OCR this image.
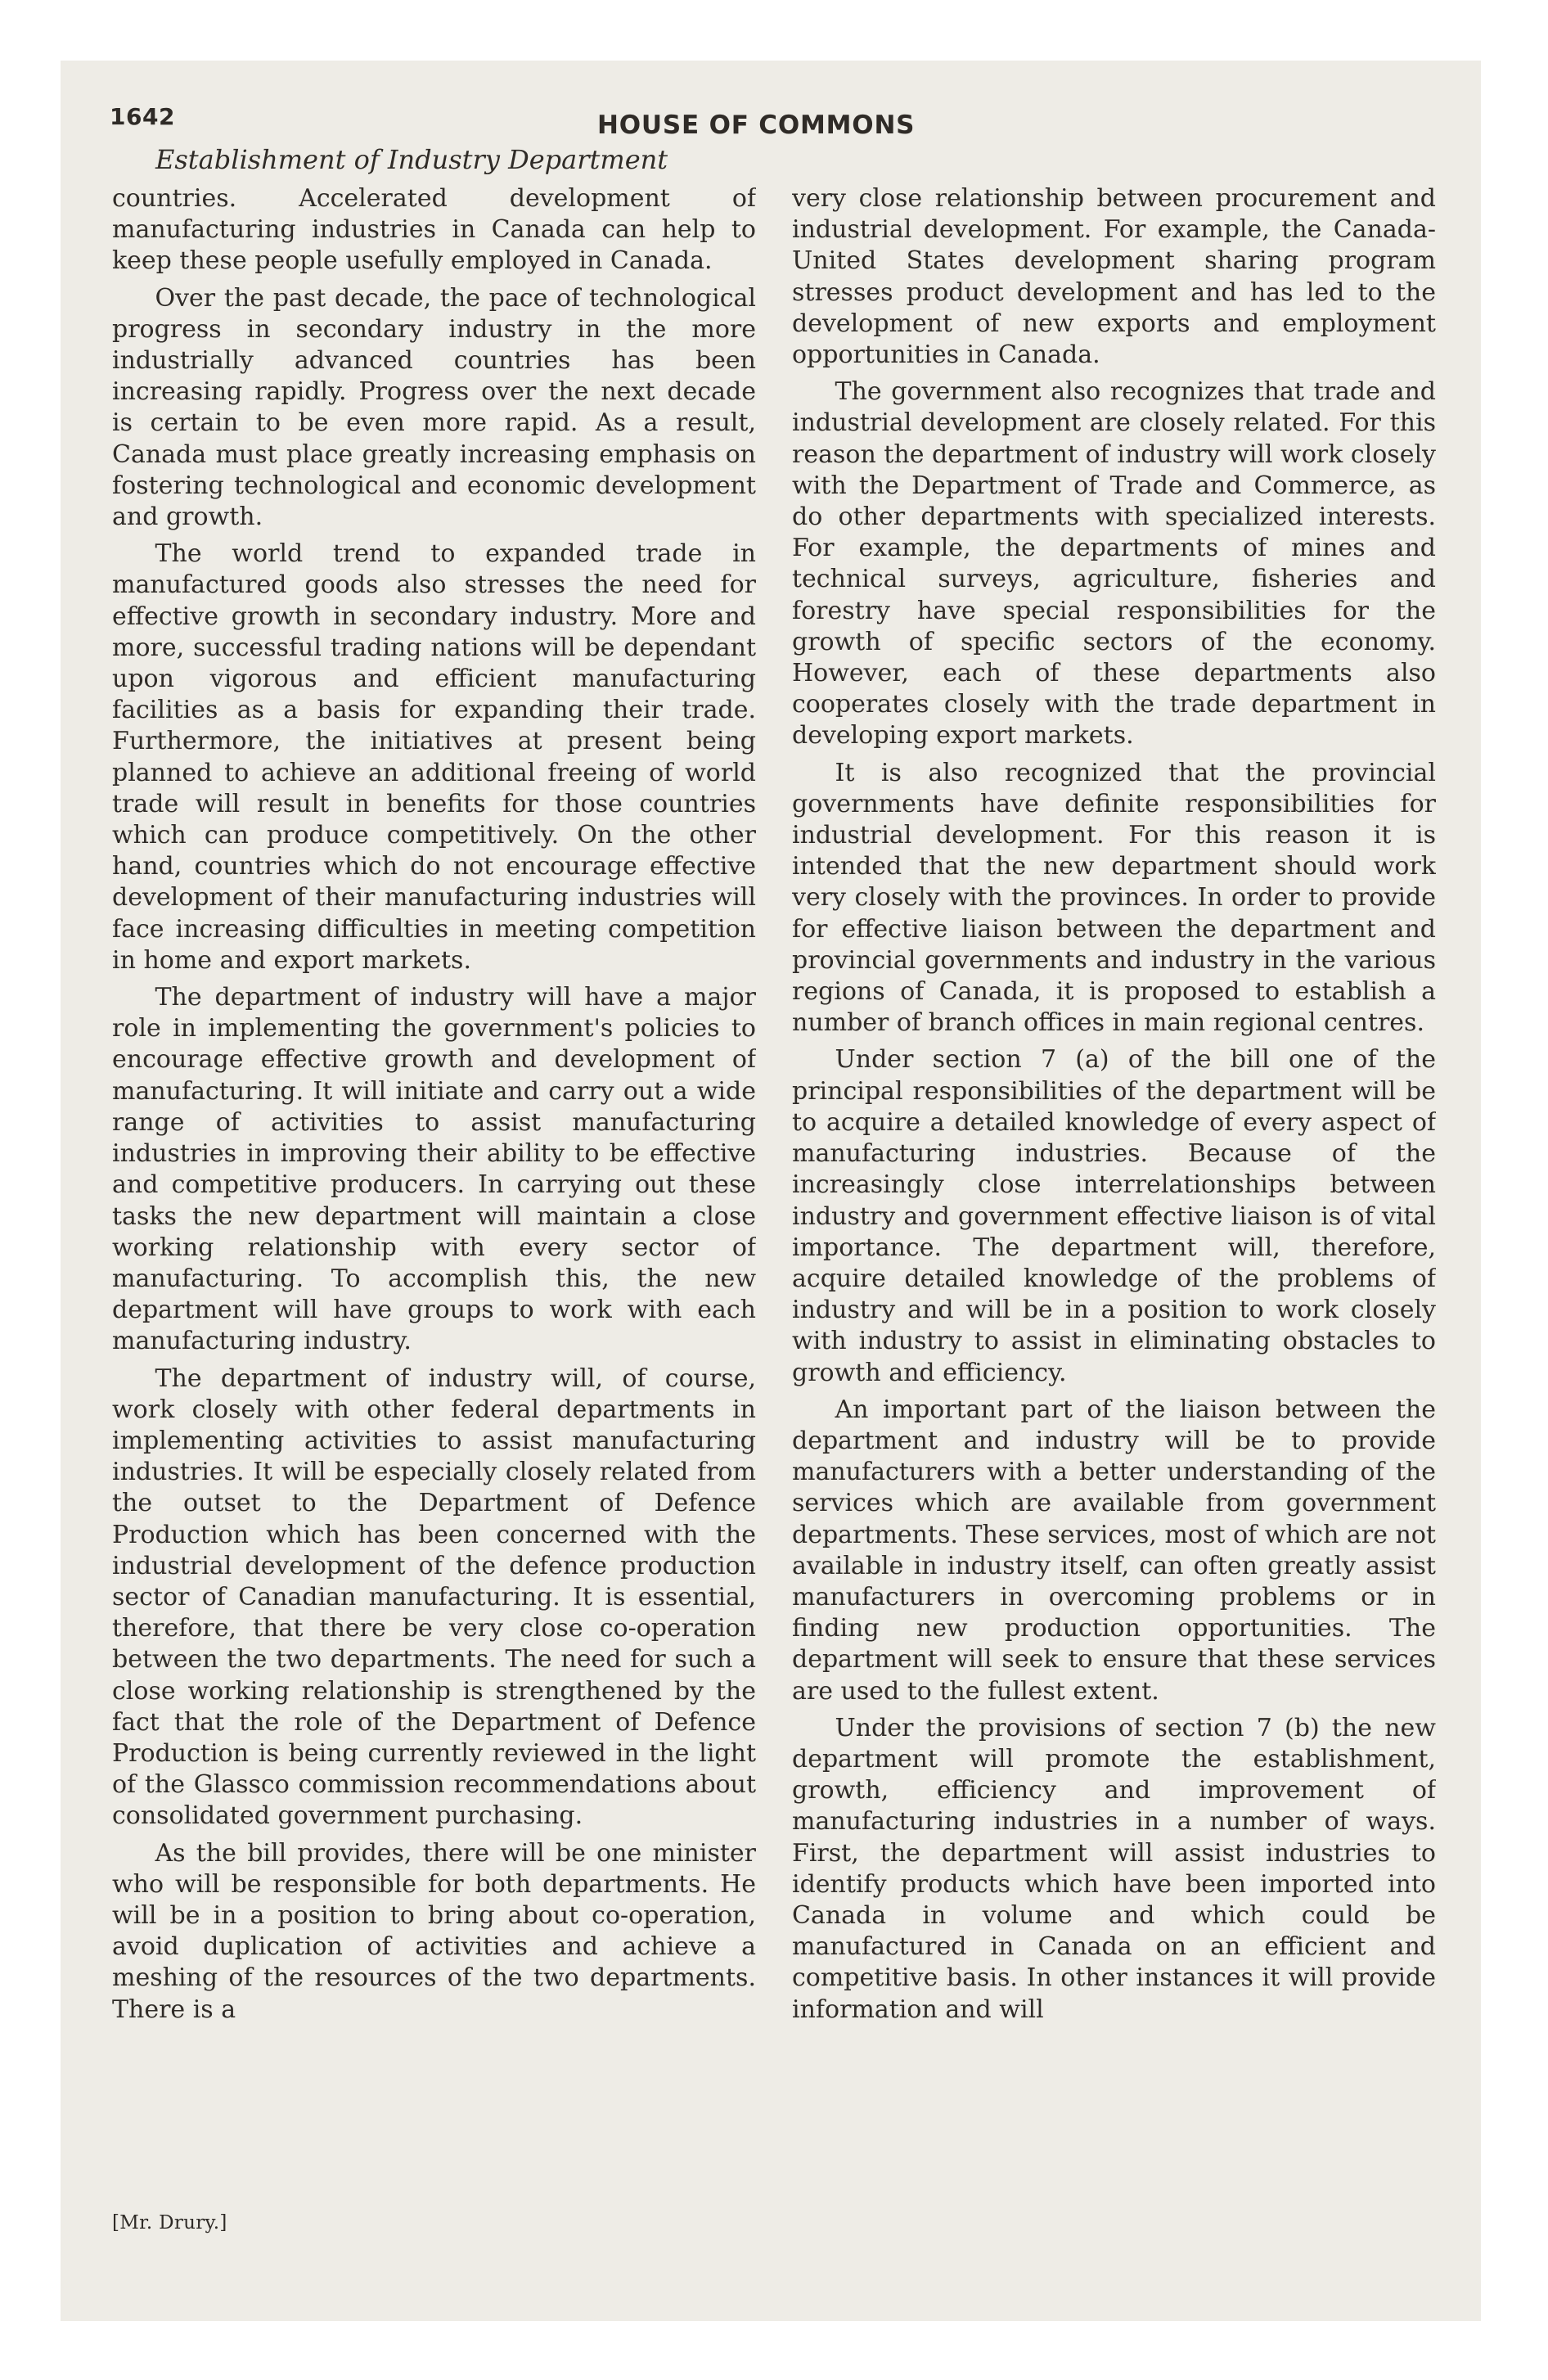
1642	HOUSE OF COMMONS
Establishment of Industry Department

countries. Accelerated development of manufacturing industries in Canada can help to keep these people usefully employed in Canada.

Over the past decade, the pace of technological progress in secondary industry in the more industrially advanced countries has been increasing rapidly. Progress over the next decade is certain to be even more rapid. As a result, Canada must place greatly increasing emphasis on fostering technological and economic development and growth.

The world trend to expanded trade in manufactured goods also stresses the need for effective growth in secondary industry. More and more, successful trading nations will be dependant upon vigorous and efficient manufacturing facilities as a basis for expanding their trade. Furthermore, the initiatives at present being planned to achieve an additional freeing of world trade will result in benefits for those countries which can produce competitively. On the other hand, countries which do not encourage effective development of their manufacturing industries will face increasing difficulties in meeting competition in home and export markets.

The department of industry will have a major role in implementing the government's policies to encourage effective growth and development of manufacturing. It will initiate and carry out a wide range of activities to assist manufacturing industries in improving their ability to be effective and competitive producers. In carrying out these tasks the new department will maintain a close working relationship with every sector of manufacturing. To accomplish this, the new department will have groups to work with each manufacturing industry.

The department of industry will, of course, work closely with other federal departments in implementing activities to assist manufacturing industries. It will be especially closely related from the outset to the Department of Defence Production which has been concerned with the industrial development of the defence production sector of Canadian manufacturing. It is essential, therefore, that there be very close co-operation between the two departments. The need for such a close working relationship is strengthened by the fact that the role of the Department of Defence Production is being currently reviewed in the light of the Glassco commission recommendations about consolidated government purchasing.

As the bill provides, there will be one minister who will be responsible for both departments. He will be in a position to bring about co-operation, avoid duplication of activities and achieve a meshing of the resources of the two departments. There is a

very close relationship between procurement and industrial development. For example, the Canada-United States development sharing program stresses product development and has led to the development of new exports and employment opportunities in Canada.

The government also recognizes that trade and industrial development are closely related. For this reason the department of industry will work closely with the Department of Trade and Commerce, as do other departments with specialized interests. For example, the departments of mines and technical surveys, agriculture, fisheries and forestry have special responsibilities for the growth of specific sectors of the economy. However, each of these departments also cooperates closely with the trade department in developing export markets.

It is also recognized that the provincial governments have definite responsibilities for industrial development. For this reason it is intended that the new department should work very closely with the provinces. In order to provide for effective liaison between the department and provincial governments and industry in the various regions of Canada, it is proposed to establish a number of branch offices in main regional centres.

Under section 7 (a) of the bill one of the principal responsibilities of the department will be to acquire a detailed knowledge of every aspect of manufacturing industries. Because of the increasingly close interrelationships between industry and government effective liaison is of vital importance. The department will, therefore, acquire detailed knowledge of the problems of industry and will be in a position to work closely with industry to assist in eliminating obstacles to growth and efficiency.

An important part of the liaison between the department and industry will be to provide manufacturers with a better understanding of the services which are available from government departments. These services, most of which are not available in industry itself, can often greatly assist manufacturers in overcoming problems or in finding new production opportunities. The department will seek to ensure that these services are used to the fullest extent.

Under the provisions of section 7 (b) the new department will promote the establishment, growth, efficiency and improvement of manufacturing industries in a number of ways. First, the department will assist industries to identify products which have been imported into Canada in volume and which could be manufactured in Canada on an efficient and competitive basis. In other instances it will provide information and will

[Mr. Drury.]
